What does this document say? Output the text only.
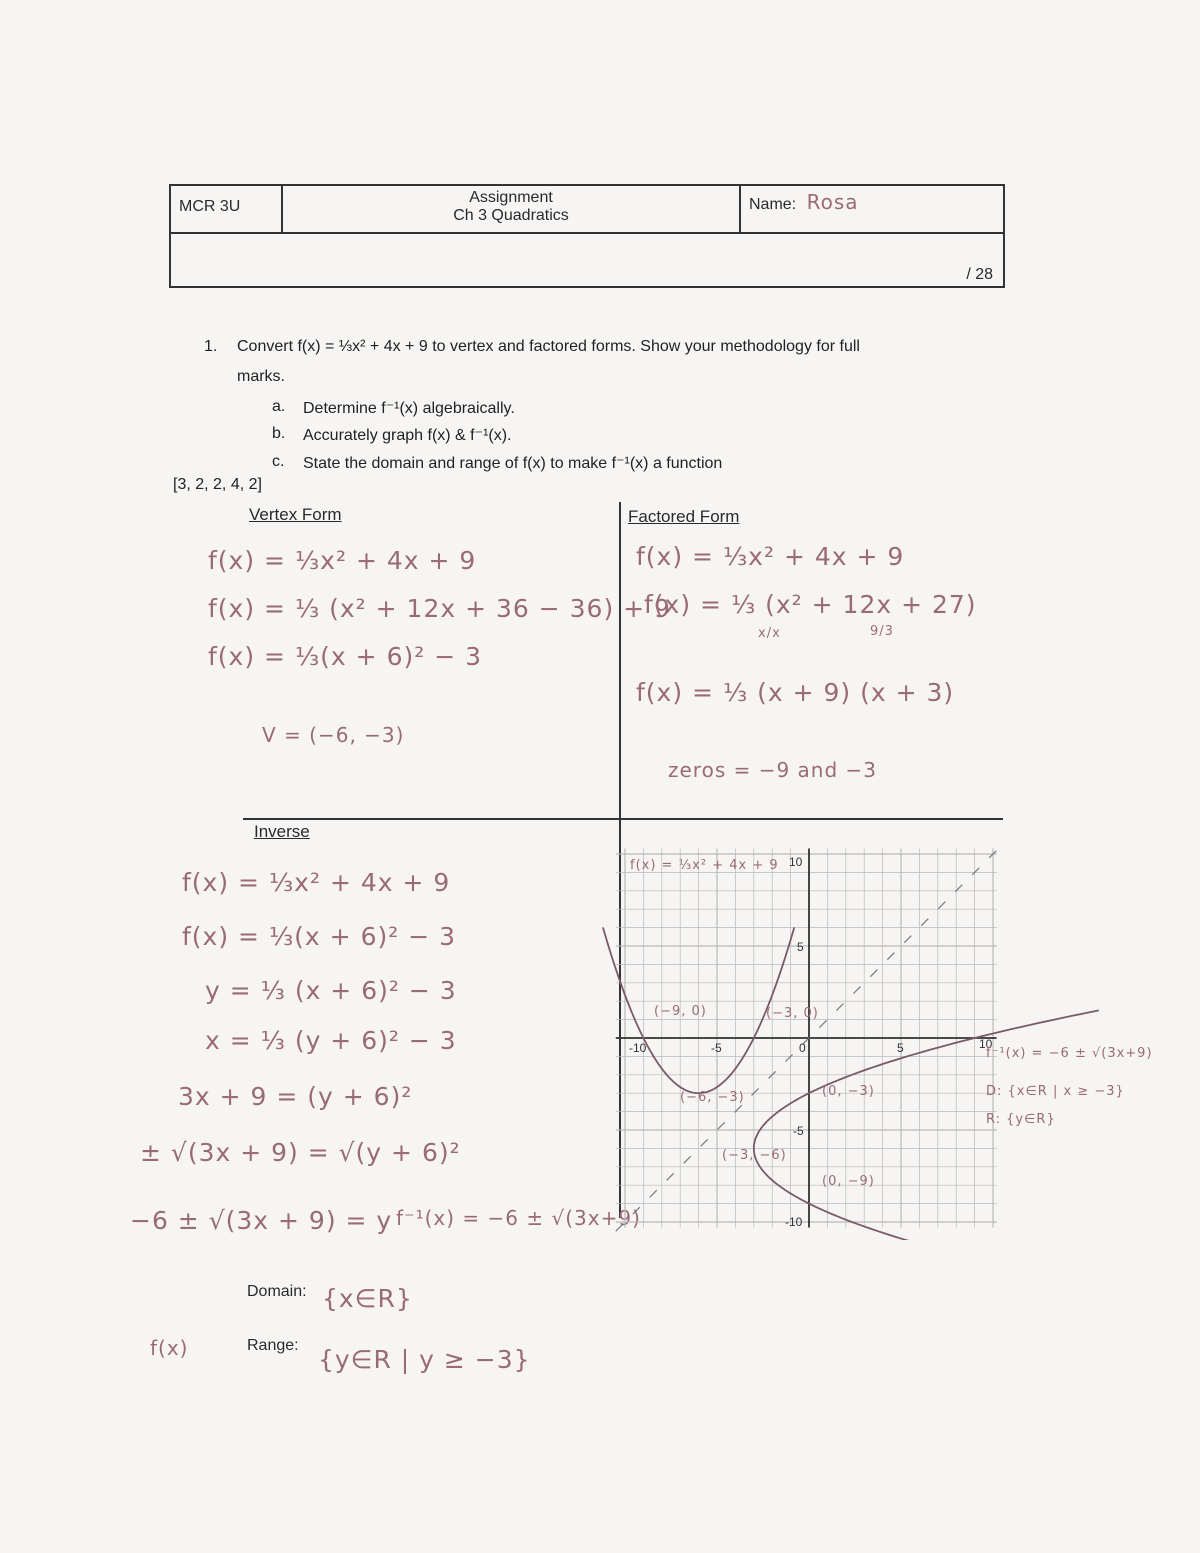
MCR 3U	
Assignment
Ch 3 Quadratics
	Name: Rosa
/ 28
1. Convert f(x) = ⅓x² + 4x + 9 to vertex and factored forms. Show your methodology for full
marks.
a. Determine f⁻¹(x) algebraically.
b. Accurately graph f(x) & f⁻¹(x).
c. State the domain and range of f(x) to make f⁻¹(x) a function
[3, 2, 2, 4, 2]
Vertex Form
f(x) = ⅓x² + 4x + 9
f(x) = ⅓ (x² + 12x + 36 − 36) + 9
f(x) = ⅓(x + 6)² − 3
V = (−6, −3)
Factored Form
f(x) = ⅓x² + 4x + 9
f(x) = ⅓ (x² + 12x + 27)
x/x	9/3
f(x) = ⅓ (x + 9) (x + 3)
zeros = −9 and −3
Inverse
f(x) = ⅓x² + 4x + 9
f(x) = ⅓(x + 6)² − 3
y = ⅓ (x + 6)² − 3
x = ⅓ (y + 6)² − 3
3x + 9 = (y + 6)²
± √(3x + 9) = √(y + 6)²
−6 ± √(3x + 9) = y f⁻¹(x) = −6 ± √(3x+9)
Domain: {x∈R}
Range: {y∈R | y ≥ −3}
f(x)
-10	-5	0	5	10
10
5
-5
-10
f(x) = ⅓x² + 4x + 9
f⁻¹(x) = −6 ± √(3x+9)
D: {x∈R | x ≥ −3}
R: {y∈R}
(−9, 0)	(−3, 0)
(−6, −3)	(0, −3)
(−3, −6)
(0, −9)
